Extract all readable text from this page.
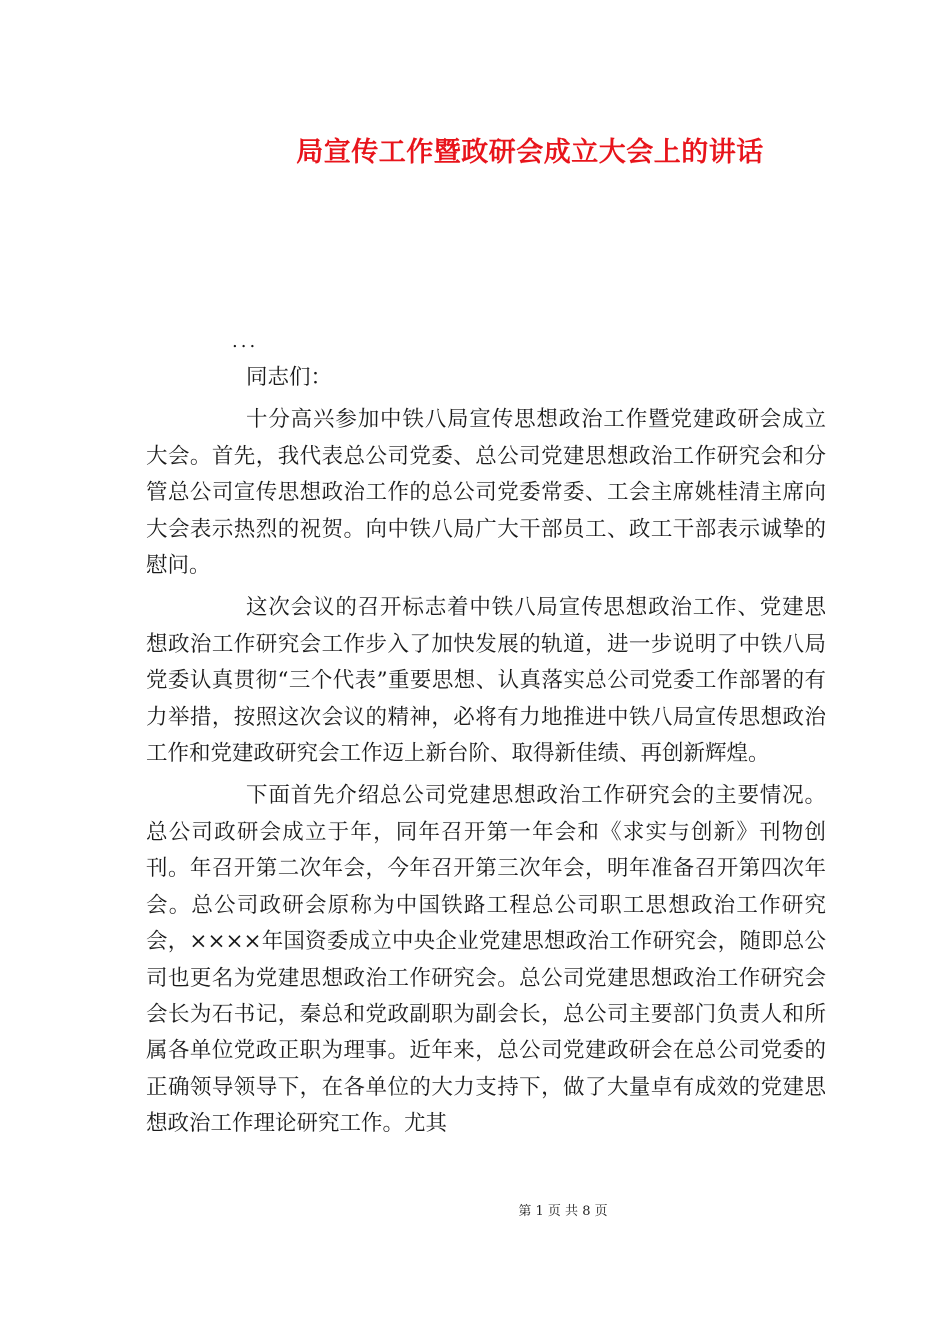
局宣传工作暨政研会成立大会上的讲话
...

同志们：

十分高兴参加中铁八局宣传思想政治工作暨党建政研会成立大会。首先，我代表总公司党委、总公司党建思想政治工作研究会和分管总公司宣传思想政治工作的总公司党委常委、工会主席姚桂清主席向大会表示热烈的祝贺。向中铁八局广大干部员工、政工干部表示诚挚的慰问。

这次会议的召开标志着中铁八局宣传思想政治工作、党建思想政治工作研究会工作步入了加快发展的轨道，进一步说明了中铁八局党委认真贯彻“三个代表”重要思想、认真落实总公司党委工作部署的有力举措，按照这次会议的精神，必将有力地推进中铁八局宣传思想政治工作和党建政研究会工作迈上新台阶、取得新佳绩、再创新辉煌。

下面首先介绍总公司党建思想政治工作研究会的主要情况。总公司政研会成立于年，同年召开第一年会和《求实与创新》刊物创刊。年召开第二次年会，今年召开第三次年会，明年准备召开第四次年会。总公司政研会原称为中国铁路工程总公司职工思想政治工作研究会，××××年国资委成立中央企业党建思想政治工作研究会，随即总公司也更名为党建思想政治工作研究会。总公司党建思想政治工作研究会会长为石书记，秦总和党政副职为副会长，总公司主要部门负责人和所属各单位党政正职为理事。近年来，总公司党建政研会在总公司党委的正确领导领导下，在各单位的大力支持下，做了大量卓有成效的党建思想政治工作理论研究工作。尤其

第 1 页 共 8 页
